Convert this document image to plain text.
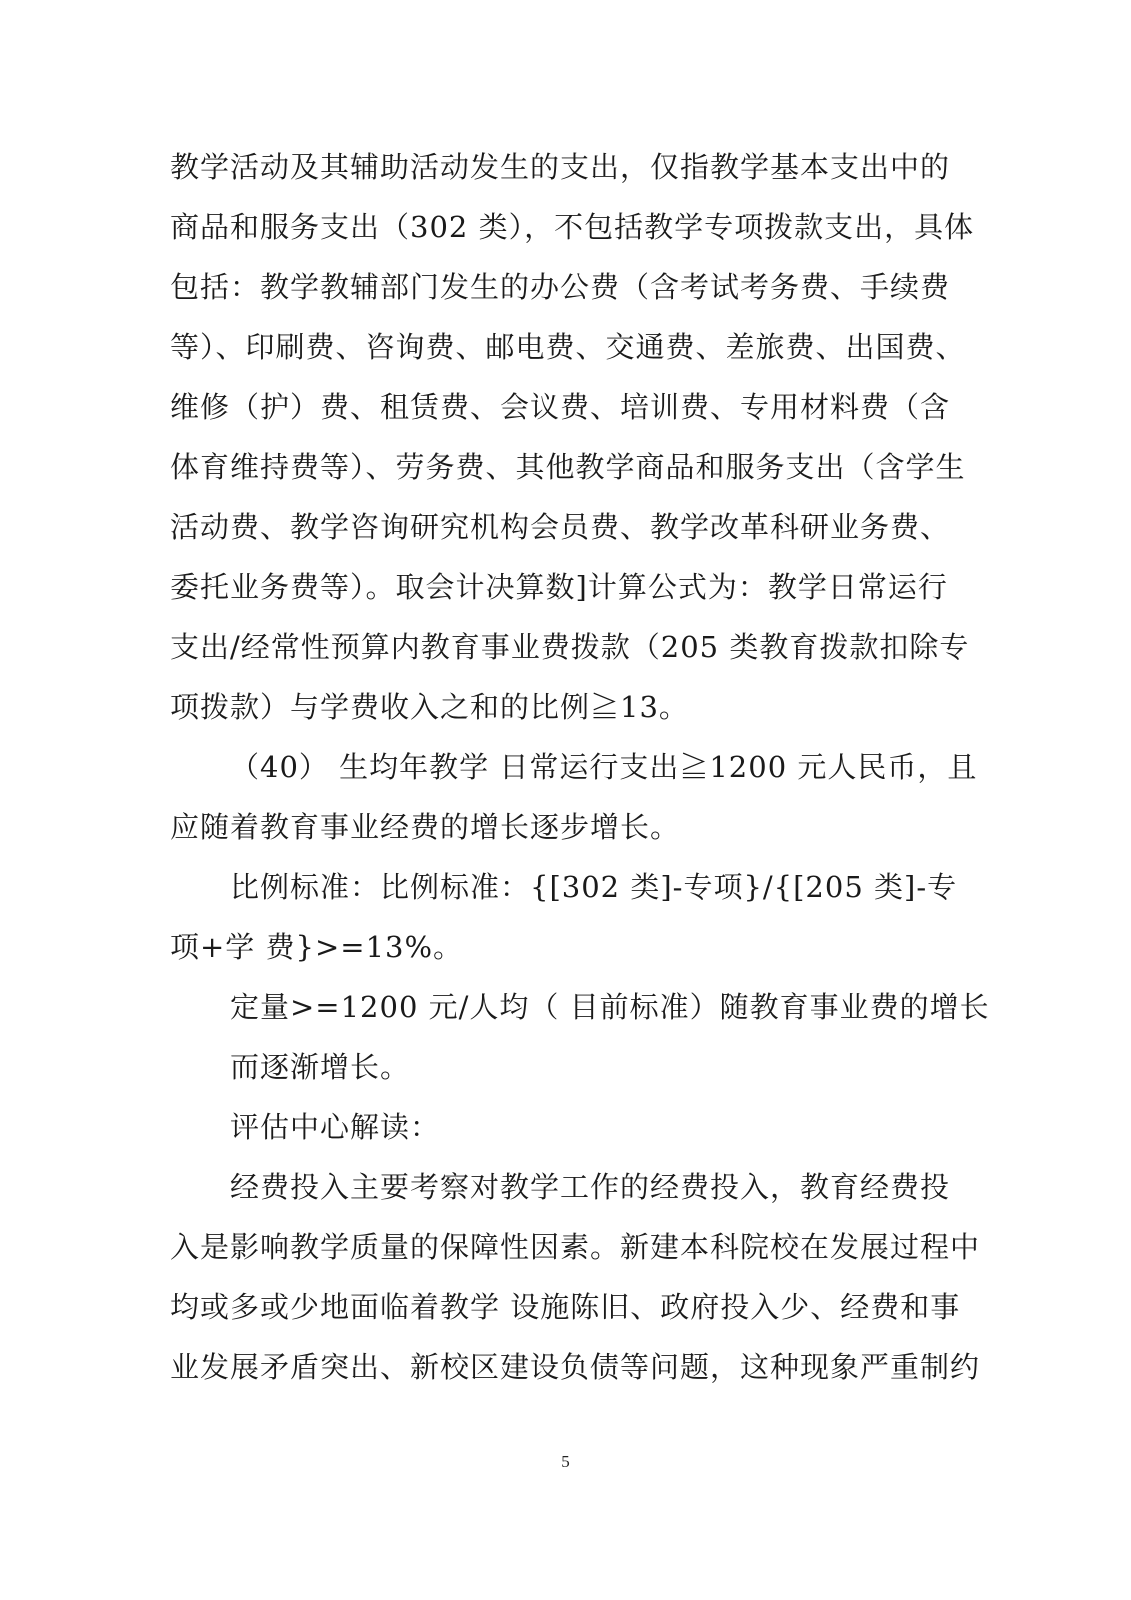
教学活动及其辅助活动发生的支出，仅指教学基本支出中的
商品和服务支出（302 类），不包括教学专项拨款支出，具体
包括：教学教辅部门发生的办公费（含考试考务费、手续费
等）、印刷费、咨询费、邮电费、交通费、差旅费、出国费、
维修（护）费、租赁费、会议费、培训费、专用材料费（含
体育维持费等）、劳务费、其他教学商品和服务支出（含学生
活动费、教学咨询研究机构会员费、教学改革科研业务费、
委托业务费等）。取会计决算数]计算公式为：教学日常运行
支出/经常性预算内教育事业费拨款（205 类教育拨款扣除专
项拨款）与学费收入之和的比例≧13。
（40） 生均年教学 日常运行支出≧1200 元人民币，且
应随着教育事业经费的增长逐步增长。
比例标准：比例标准：{[302 类]-专项}/{[205 类]-专
项+学 费}>=13%。
定量>=1200 元/人均（ 目前标准）随教育事业费的增长
而逐渐增长。
评估中心解读：
经费投入主要考察对教学工作的经费投入，教育经费投
入是影响教学质量的保障性因素。新建本科院校在发展过程中
均或多或少地面临着教学 设施陈旧、政府投入少、经费和事
业发展矛盾突出、新校区建设负债等问题，这种现象严重制约
5
